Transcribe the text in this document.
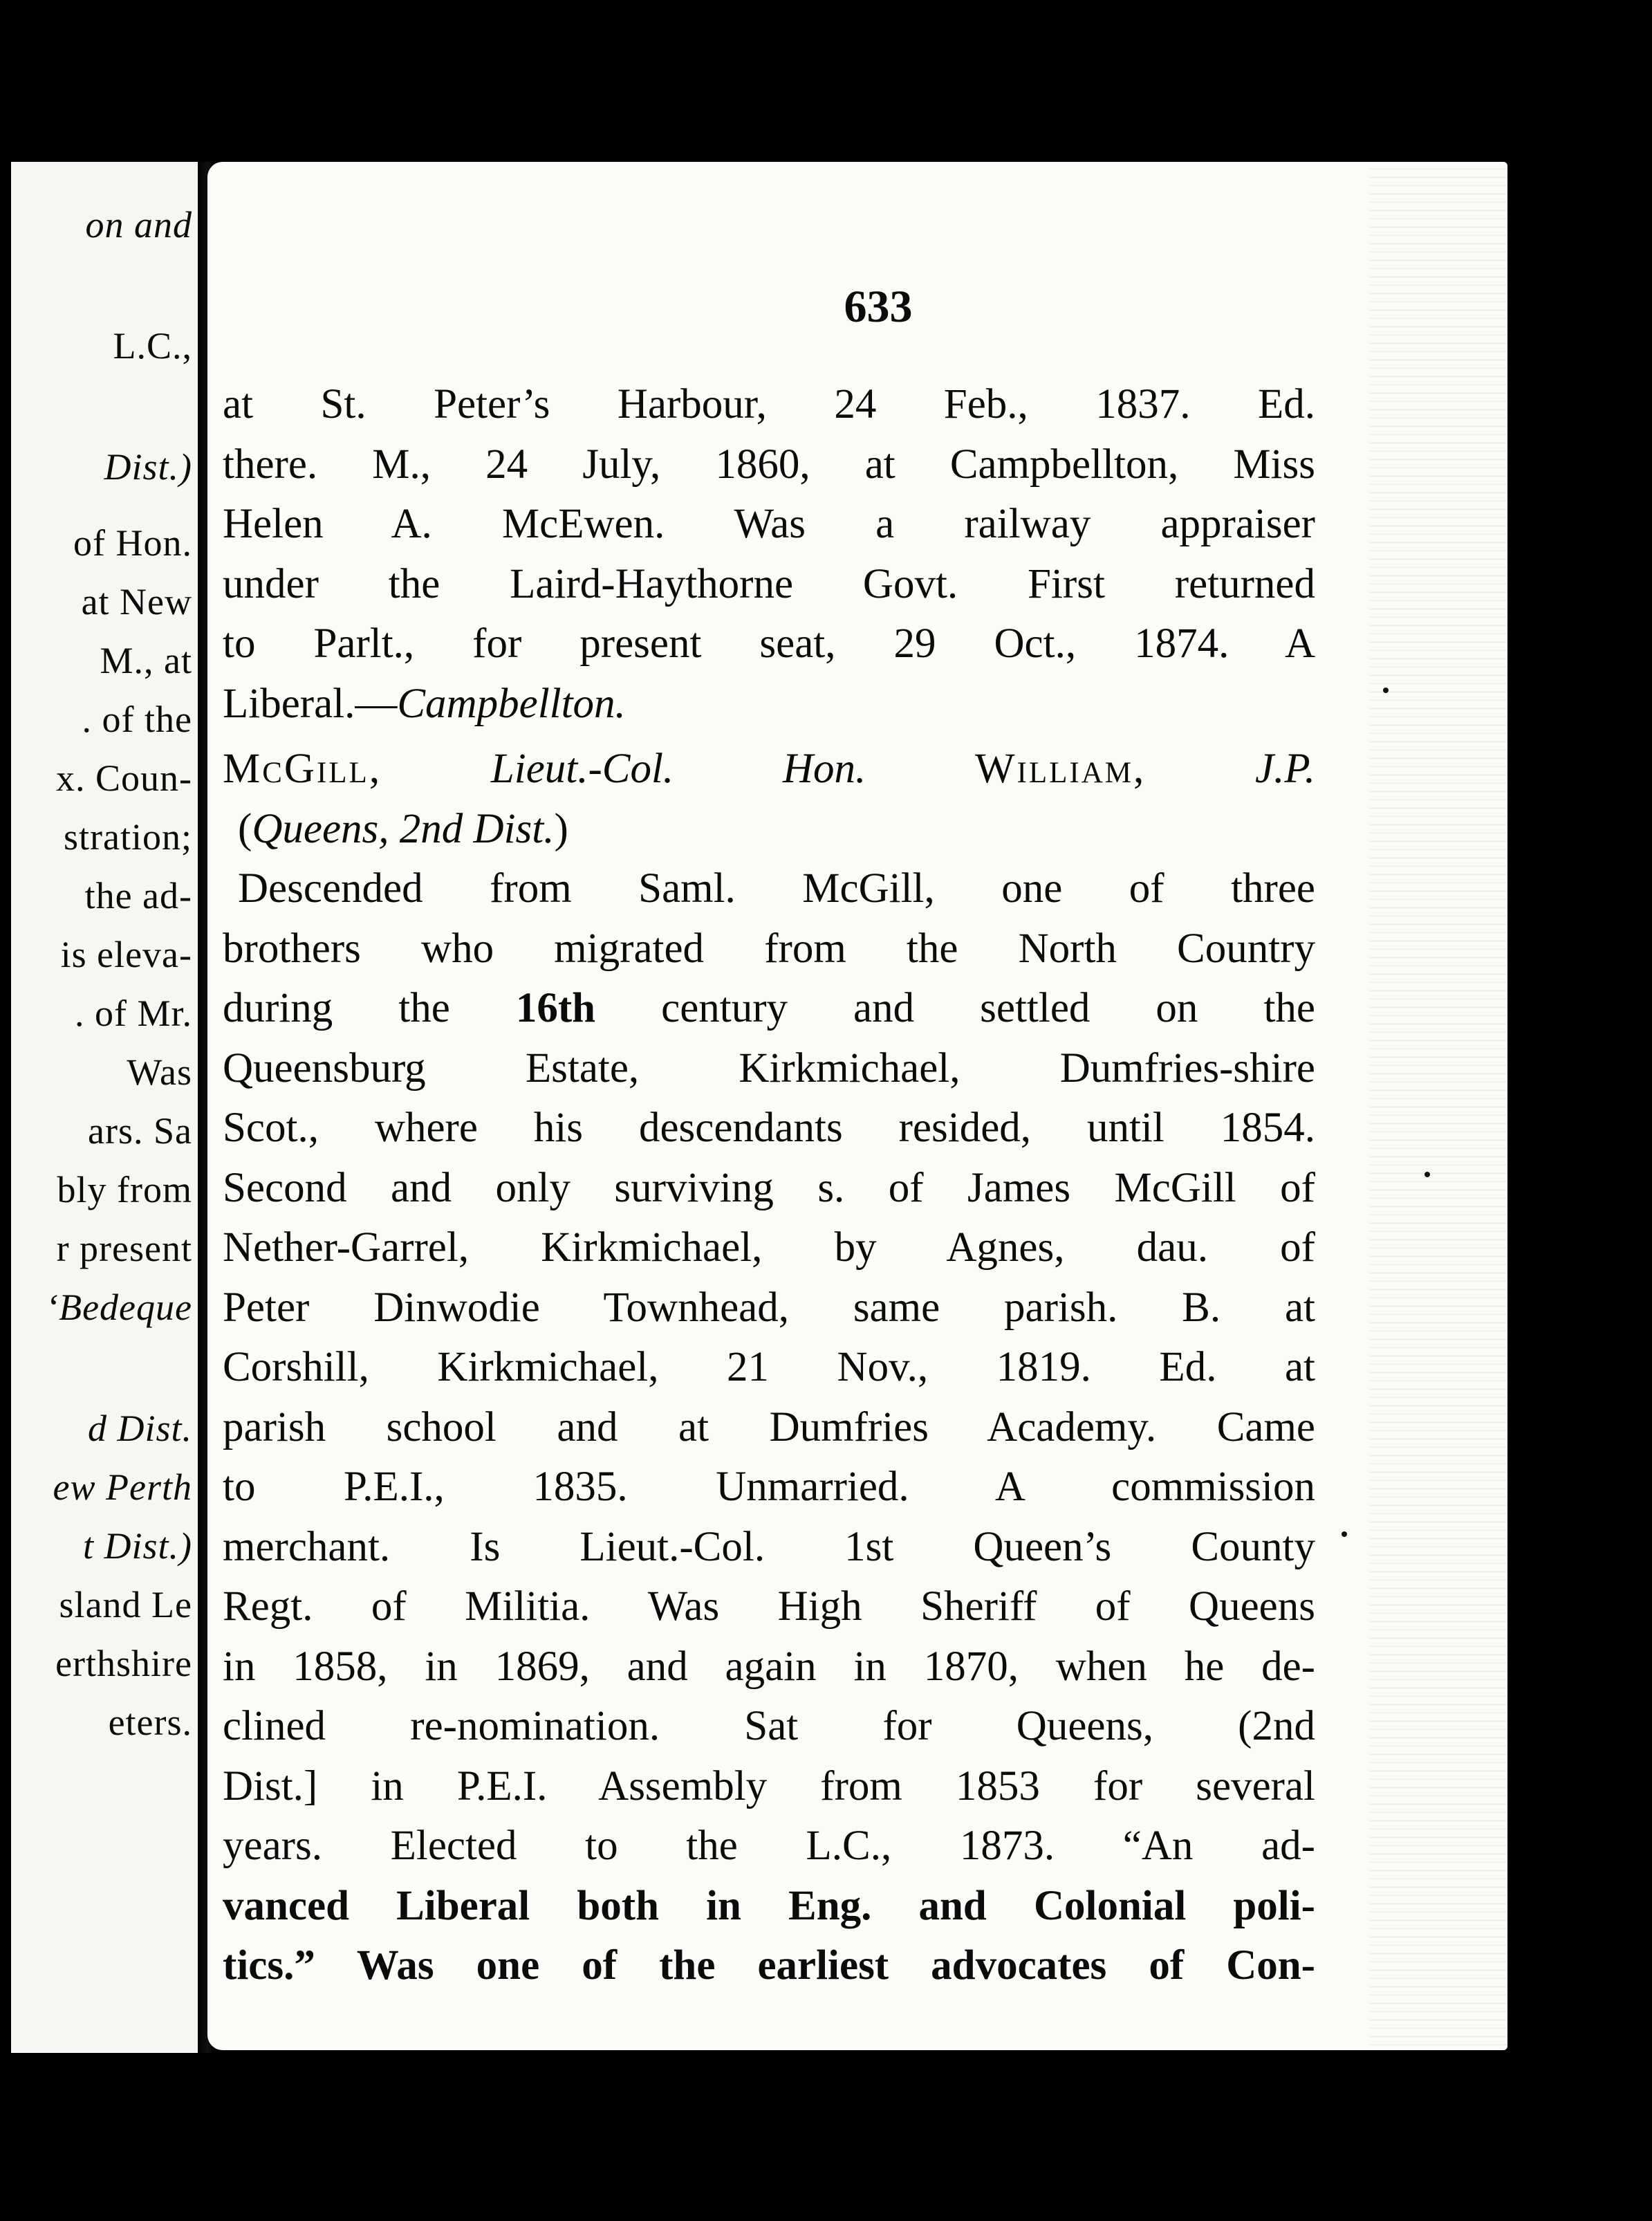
on and
L.C.,
Dist.)
of Hon.
at New
M., at
. of the
x. Coun-
stration;
the ad-
is eleva-
. of Mr.
Was
ars. Sa
bly from
r present
‘Bedeque
d Dist.
ew Perth
t Dist.)
sland Le
erthshire
eters.
633
at St. Peter’s Harbour, 24 Feb., 1837. Ed.
there. M., 24 July, 1860, at Campbellton, Miss
Helen A. McEwen. Was a railway appraiser
under the Laird-Haythorne Govt. First returned
to Parlt., for present seat, 29 Oct., 1874. A
Liberal.—Campbellton.
McGill,	Lieut.-Col.	Hon.	William,	J.P.
(Queens, 2nd Dist.)
Descended from Saml. McGill, one of three
brothers who migrated from the North Country
during the 16th century and settled on the
Queensburg Estate, Kirkmichael, Dumfries-shire
Scot., where his descendants resided, until 1854.
Second and only surviving s. of James McGill of
Nether-Garrel, Kirkmichael, by Agnes, dau. of
Peter Dinwodie Townhead, same parish. B. at
Corshill, Kirkmichael, 21 Nov., 1819. Ed. at
parish school and at Dumfries Academy. Came
to P.E.I., 1835. Unmarried. A commission
merchant. Is Lieut.-Col. 1st Queen’s County
Regt. of Militia. Was High Sheriff of Queens
in 1858, in 1869, and again in 1870, when he de-
clined re-nomination. Sat for Queens, (2nd
Dist.] in P.E.I. Assembly from 1853 for several
years. Elected to the L.C., 1873. “An ad-
vanced Liberal both in Eng. and Colonial poli-
tics.” Was one of the earliest advocates of Con-
